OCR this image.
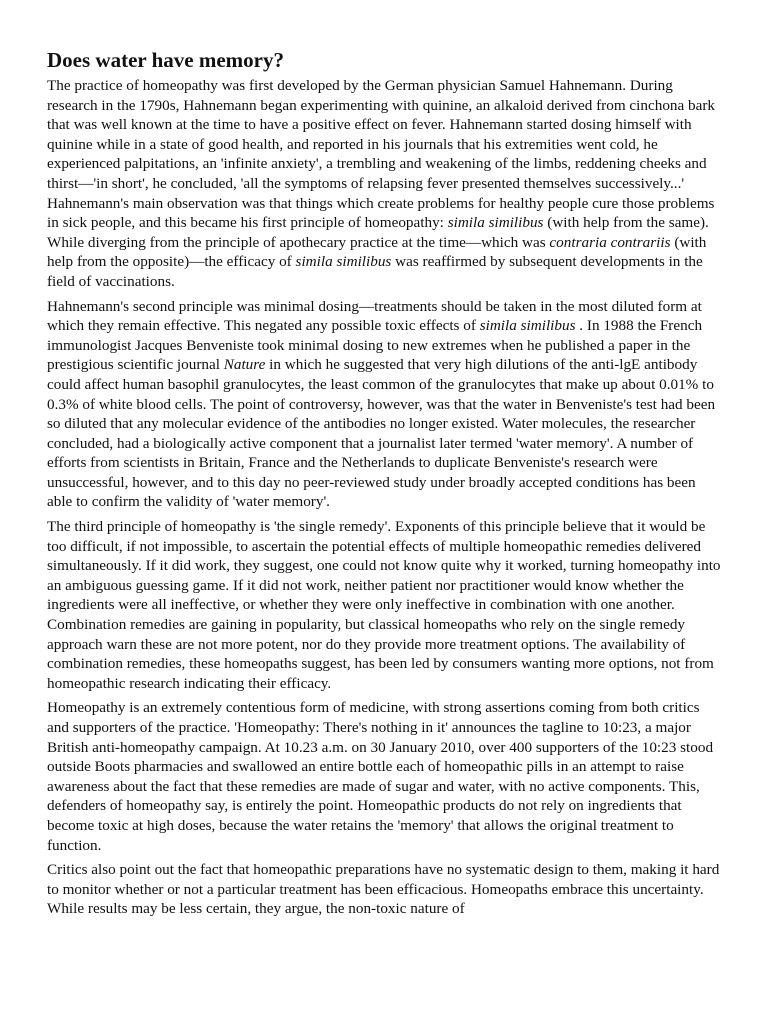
Does water have memory?

The practice of homeopathy was first developed by the German physician Samuel Hahnemann. During research in the 1790s, Hahnemann began experimenting with quinine, an alkaloid derived from cinchona bark that was well known at the time to have a positive effect on fever. Hahnemann started dosing himself with quinine while in a state of good health, and reported in his journals that his extremities went cold, he experienced palpitations, an 'infinite anxiety', a trembling and weakening of the limbs, reddening cheeks and thirst—'in short', he concluded, 'all the symptoms of relapsing fever presented themselves successively...' Hahnemann's main observation was that things which create problems for healthy people cure those problems in sick people, and this became his first principle of homeopathy: simila similibus (with help from the same). While diverging from the principle of apothecary practice at the time—which was contraria contrariis (with help from the opposite)—the efficacy of simila similibus was reaffirmed by subsequent developments in the field of vaccinations.

Hahnemann's second principle was minimal dosing—treatments should be taken in the most diluted form at which they remain effective. This negated any possible toxic effects of simila similibus . In 1988 the French immunologist Jacques Benveniste took minimal dosing to new extremes when he published a paper in the prestigious scientific journal Nature in which he suggested that very high dilutions of the anti-lgE antibody could affect human basophil granulocytes, the least common of the granulocytes that make up about 0.01% to 0.3% of white blood cells. The point of controversy, however, was that the water in Benveniste's test had been so diluted that any molecular evidence of the antibodies no longer existed. Water molecules, the researcher concluded, had a biologically active component that a journalist later termed 'water memory'. A number of efforts from scientists in Britain, France and the Netherlands to duplicate Benveniste's research were unsuccessful, however, and to this day no peer-reviewed study under broadly accepted conditions has been able to confirm the validity of 'water memory'.

The third principle of homeopathy is 'the single remedy'. Exponents of this principle believe that it would be too difficult, if not impossible, to ascertain the potential effects of multiple homeopathic remedies delivered simultaneously. If it did work, they suggest, one could not know quite why it worked, turning homeopathy into an ambiguous guessing game. If it did not work, neither patient nor practitioner would know whether the ingredients were all ineffective, or whether they were only ineffective in combination with one another. Combination remedies are gaining in popularity, but classical homeopaths who rely on the single remedy approach warn these are not more potent, nor do they provide more treatment options. The availability of combination remedies, these homeopaths suggest, has been led by consumers wanting more options, not from homeopathic research indicating their efficacy.

Homeopathy is an extremely contentious form of medicine, with strong assertions coming from both critics and supporters of the practice. 'Homeopathy: There's nothing in it' announces the tagline to 10:23, a major British anti-homeopathy campaign. At 10.23 a.m. on 30 January 2010, over 400 supporters of the 10:23 stood outside Boots pharmacies and swallowed an entire bottle each of homeopathic pills in an attempt to raise awareness about the fact that these remedies are made of sugar and water, with no active components. This, defenders of homeopathy say, is entirely the point. Homeopathic products do not rely on ingredients that become toxic at high doses, because the water retains the 'memory' that allows the original treatment to function.

Critics also point out the fact that homeopathic preparations have no systematic design to them, making it hard to monitor whether or not a particular treatment has been efficacious. Homeopaths embrace this uncertainty. While results may be less certain, they argue, the non-toxic nature of
